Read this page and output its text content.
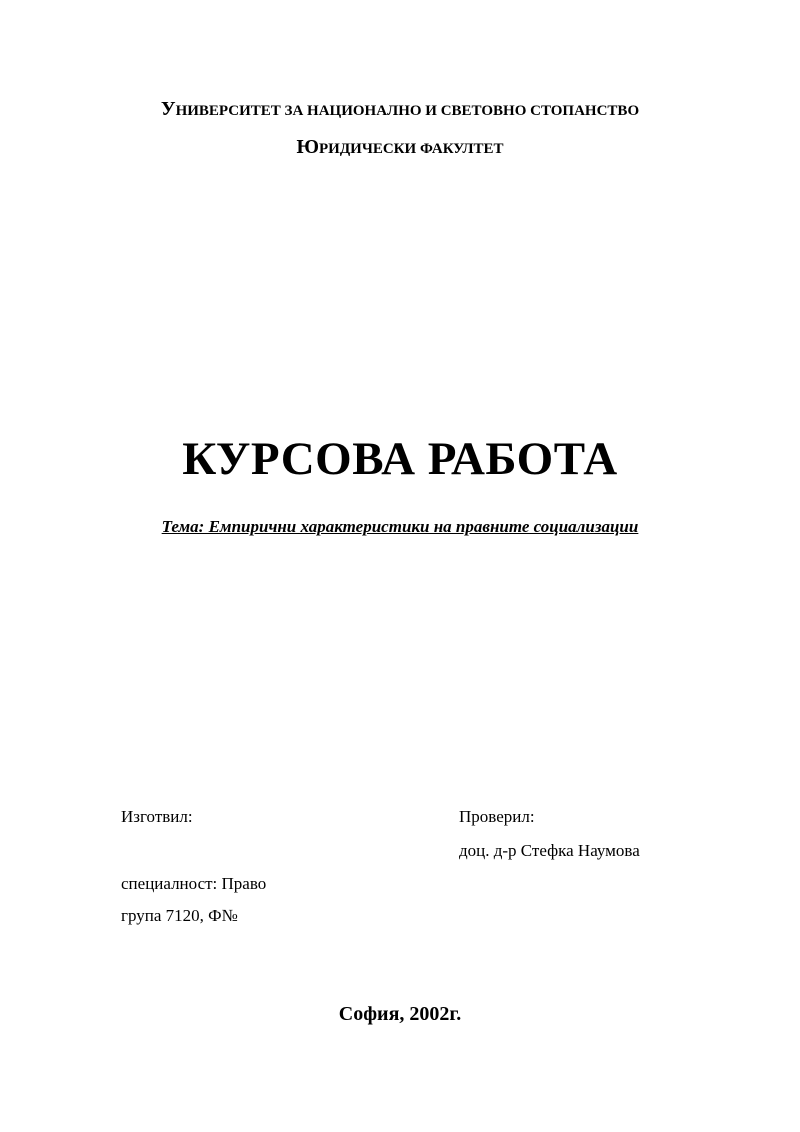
УНИВЕРСИТЕТ ЗА НАЦИОНАЛНО И СВЕТОВНО СТОПАНСТВО
ЮРИДИЧЕСКИ ФАКУЛТЕТ
КУРСОВА РАБОТА
Тема: Емпирични характеристики на правните социализации
Изготвил:	Проверил:
доц. д-р Стефка Наумова
специалност: Право
група 7120, Ф№
София, 2002г.
